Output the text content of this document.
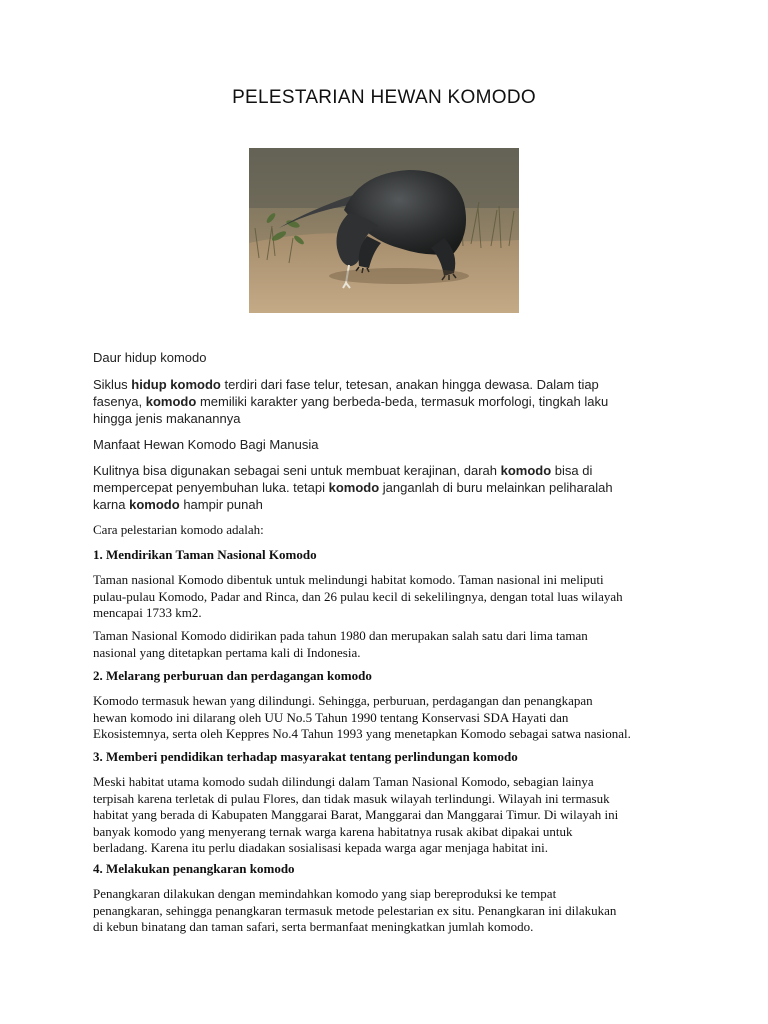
PELESTARIAN HEWAN KOMODO
Daur hidup komodo
Siklus hidup komodo terdiri dari fase telur, tetesan, anakan hingga dewasa. Dalam tiap
fasenya, komodo memiliki karakter yang berbeda-beda, termasuk morfologi, tingkah laku
hingga jenis makanannya
Manfaat Hewan Komodo Bagi Manusia
Kulitnya bisa digunakan sebagai seni untuk membuat kerajinan, darah komodo bisa di
mempercepat penyembuhan luka. tetapi komodo janganlah di buru melainkan peliharalah
karna komodo hampir punah
Cara pelestarian komodo adalah:
1. Mendirikan Taman Nasional Komodo
Taman nasional Komodo dibentuk untuk melindungi habitat komodo. Taman nasional ini meliputi
pulau-pulau Komodo, Padar and Rinca, dan 26 pulau kecil di sekelilingnya, dengan total luas wilayah
mencapai 1733 km2.
Taman Nasional Komodo didirikan pada tahun 1980 dan merupakan salah satu dari lima taman
nasional yang ditetapkan pertama kali di Indonesia.
2. Melarang perburuan dan perdagangan komodo
Komodo termasuk hewan yang dilindungi. Sehingga, perburuan, perdagangan dan penangkapan
hewan komodo ini dilarang oleh UU No.5 Tahun 1990 tentang Konservasi SDA Hayati dan
Ekosistemnya, serta oleh Keppres No.4 Tahun 1993 yang menetapkan Komodo sebagai satwa nasional.
3. Memberi pendidikan terhadap masyarakat tentang perlindungan komodo
Meski habitat utama komodo sudah dilindungi dalam Taman Nasional Komodo, sebagian lainya
terpisah karena terletak di pulau Flores, dan tidak masuk wilayah terlindungi. Wilayah ini termasuk
habitat yang berada di Kabupaten Manggarai Barat, Manggarai dan Manggarai Timur. Di wilayah ini
banyak komodo yang menyerang ternak warga karena habitatnya rusak akibat dipakai untuk
berladang. Karena itu perlu diadakan sosialisasi kepada warga agar menjaga habitat ini.
4. Melakukan penangkaran komodo
Penangkaran dilakukan dengan memindahkan komodo yang siap bereproduksi ke tempat
penangkaran, sehingga penangkaran termasuk metode pelestarian ex situ. Penangkaran ini dilakukan
di kebun binatang dan taman safari, serta bermanfaat meningkatkan jumlah komodo.
